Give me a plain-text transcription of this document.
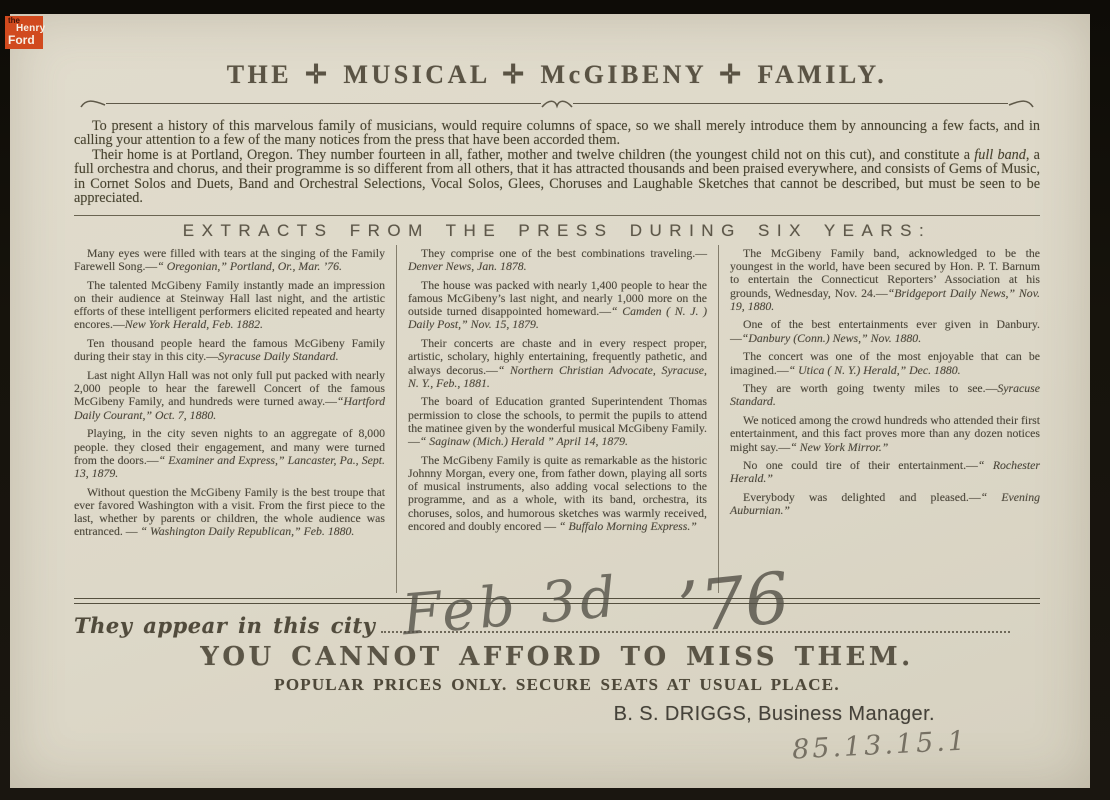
the
Henry
Ford
THE ✛ MUSICAL ✛ McGIBENY ✛ FAMILY.

To present a history of this marvelous family of musicians, would require columns of space, so we shall merely introduce them by announcing a few facts, and in calling your attention to a few of the many notices from the press that have been accorded them.

Their home is at Portland, Oregon. They number fourteen in all, father, mother and twelve children (the youngest child not on this cut), and constitute a full band, a full orchestra and chorus, and their programme is so different from all others, that it has attracted thousands and been praised everywhere, and consists of Gems of Music, in Cornet Solos and Duets, Band and Orchestral Selections, Vocal Solos, Glees, Choruses and Laughable Sketches that cannot be described, but must be seen to be appreciated.

EXTRACTS FROM THE PRESS DURING SIX YEARS:

Many eyes were filled with tears at the singing of the Family Farewell Song.—“ Oregonian,” Portland, Or., Mar. ’76.

The talented McGibeny Family instantly made an impression on their audience at Steinway Hall last night, and the artistic efforts of these intelligent performers elicited repeated and hearty encores.—New York Herald, Feb. 1882.

Ten thousand people heard the famous McGibeny Family during their stay in this city.—Syracuse Daily Standard.

Last night Allyn Hall was not only full put packed with nearly 2,000 people to hear the farewell Concert of the famous McGibeny Family, and hundreds were turned away.—“Hartford Daily Courant,” Oct. 7, 1880.

Playing, in the city seven nights to an aggregate of 8,000 people. they closed their engagement, and many were turned from the doors.—“ Examiner and Express,” Lancaster, Pa., Sept. 13, 1879.

Without question the McGibeny Family is the best troupe that ever favored Washington with a visit. From the first piece to the last, whether by parents or children, the whole audience was entranced. — “ Washington Daily Republican,” Feb. 1880.

They comprise one of the best combinations traveling.—Denver News, Jan. 1878.

The house was packed with nearly 1,400 people to hear the famous McGibeny’s last night, and nearly 1,000 more on the outside turned disappointed homeward.—“ Camden ( N. J. ) Daily Post,” Nov. 15, 1879.

Their concerts are chaste and in every respect proper, artistic, scholary, highly entertaining, frequently pathetic, and always decorus.—“ Northern Christian Advocate, Syracuse, N. Y., Feb., 1881.

The board of Education granted Superintendent Thomas permission to close the schools, to permit the pupils to attend the matinee given by the wonderful musical McGibeny Family.—“ Saginaw (Mich.) Herald ” April 14, 1879.

The McGibeny Family is quite as remarkable as the historic Johnny Morgan, every one, from father down, playing all sorts of musical instruments, also adding vocal selections to the programme, and as a whole, with its band, orchestra, its choruses, solos, and humorous sketches was warmly received, encored and doubly encored — “ Buffalo Morning Express.”

The McGibeny Family band, acknowledged to be the youngest in the world, have been secured by Hon. P. T. Barnum to entertain the Connecticut Reporters’ Association at his grounds, Wednesday, Nov. 24.—“Bridgeport Daily News,” Nov. 19, 1880.

One of the best entertainments ever given in Danbury.—“Danbury (Conn.) News,” Nov. 1880.

The concert was one of the most enjoyable that can be imagined.—“ Utica ( N. Y.) Herald,” Dec. 1880.

They are worth going twenty miles to see.—Syracuse Standard.

We noticed among the crowd hundreds who attended their first entertainment, and this fact proves more than any dozen notices might say.—“ New York Mirror.”

No one could tire of their entertainment.—“ Rochester Herald.”

Everybody was delighted and pleased.—“ Evening Auburnian.”

They appear in this city
YOU CANNOT AFFORD TO MISS THEM.
POPULAR PRICES ONLY. SECURE SEATS AT USUAL PLACE.
B. S. DRIGGS, Business Manager.
Feb 3d ’76
85.13.15.1
